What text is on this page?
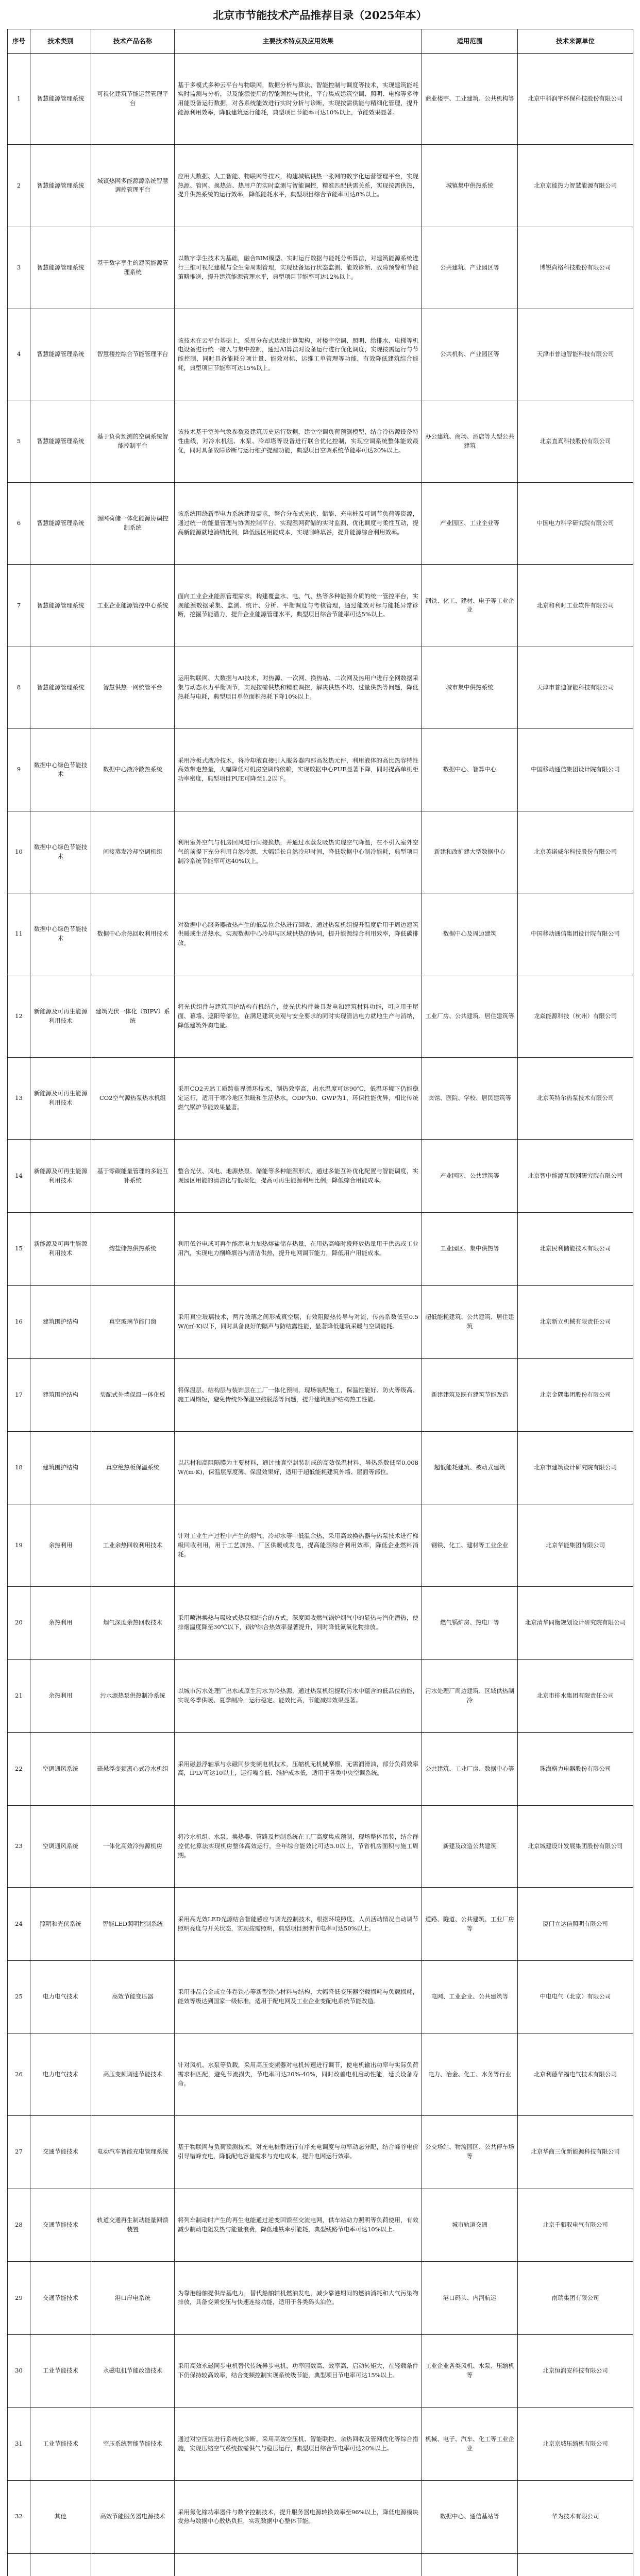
北京市节能技术产品推荐目录（2025年本）
序号	技术类别	技术产品名称	主要技术特点及应用效果	适用范围	技术来源单位
1	智慧能源管理系统	可视化建筑节能运营管理平台	基于多模式多种云平台与物联网，数据分析与算法、智能控制与调度等技术，实现建筑能耗实时监测与分析，以及能源使用的智能调控与优化，平台集成建筑空调、照明、电梯等多种用能设备运行数据，对各系统能效进行实时分析与诊断，实现按需供能与精细化管理，提升能源利用效率，降低建筑运行能耗，典型项目节能率可达10%以上，节能效果显著。	商业楼宇、工业建筑、公共机构等	北京中科润宇环保科技股份有限公司
2	智慧能源管理系统	城镇热网多能源源系统智慧调控管理平台	应用大数据、人工智能、物联网等技术，构建城镇供热一张网的数字化运营管理平台，实现热源、管网、换热站、热用户的实时监测与智能调控，精准匹配供需关系，实现按需供热，提升供热系统的运行效率，降低能耗水平，典型项目综合节能率可达8%以上。	城镇集中供热系统	北京京能热力智慧能源有限公司
3	智慧能源管理系统	基于数字孪生的建筑能源管理系统	以数字孪生技术为基础，融合BIM模型、实时运行数据与能耗分析算法，对建筑能源系统进行三维可视化建模与全生命周期管理，实现设备运行状态监测、能效诊断、故障预警和节能策略推送，提升建筑能源管理水平，典型项目节能率可达12%以上。	公共建筑、产业园区等	博锐尚格科技股份有限公司
4	智慧能源管理系统	智慧楼控综合节能管理平台	该技术在云平台基础上，采用分布式边缘计算架构，对楼宇空调、照明、给排水、电梯等机电设备进行统一接入与集中控制，通过AI算法对设备运行进行优化调度，实现按需运行与节能控制，同时具备能耗分项计量、能效对标、运维工单管理等功能，有效降低建筑综合能耗，典型项目节能率可达15%以上。	公共机构、产业园区等	天津市普迪智能科技有限公司
5	智慧能源管理系统	基于负荷预测的空调系统智能控制平台	该技术基于室外气象参数及建筑历史运行数据，建立空调负荷预测模型，结合冷热源设备特性曲线，对冷水机组、水泵、冷却塔等设备进行联合优化控制，实现空调系统整体能效最优，同时具备故障诊断与运行维护提醒功能，典型项目空调系统节能率可达20%以上。	办公建筑、商场、酒店等大型公共建筑	北京直真科技股份有限公司
6	智慧能源管理系统	源网荷储一体化能源协调控制系统	该系统围绕新型电力系统建设需求，整合分布式光伏、储能、充电桩及可调节负荷等资源，通过统一的能量管理与协调控制平台，实现源网荷储的实时监测、优化调度与柔性互动，提高新能源就地消纳比例，降低园区用能成本，实现削峰填谷，提升能源综合利用效率。	产业园区、工业企业等	中国电力科学研究院有限公司
7	智慧能源管理系统	工业企业能源管控中心系统	面向工业企业能源管理需求，构建覆盖水、电、气、热等多种能源介质的统一管控平台，实现能源数据采集、监测、统计、分析、平衡调度与考核管理，通过能效对标与能耗异常诊断，挖掘节能潜力，提升企业能源管理水平，典型项目综合节能率可达5%以上。	钢铁、化工、建材、电子等工业企业	北京和利时工业软件有限公司
8	智慧能源管理系统	智慧供热一网统管平台	运用物联网、大数据与AI技术，对热源、一次网、换热站、二次网及热用户进行全网数据采集与动态水力平衡调节，实现按需供热和精准调控，解决供热不均、过量供热等问题，降低热耗与电耗，典型项目单位面积热耗下降10%以上。	城市集中供热系统	天津市普迪智能科技有限公司
9	数据中心绿色节能技术	数据中心液冷散热系统	采用冷板式液冷技术，将冷却液直接引入服务器内部高发热元件，利用液体的高比热容特性高效带走热量，大幅降低对机房空调的依赖，实现数据中心PUE显著下降，同时提高单机柜功率密度，典型项目PUE可降至1.2以下。	数据中心、智算中心	中国移动通信集团设计院有限公司
10	数据中心绿色节能技术	间接蒸发冷却空调机组	利用室外空气与机房回风进行间接换热，并通过水蒸发吸热实现空气降温，在不引入室外空气的前提下充分利用自然冷源，大幅延长自然冷却时间，降低数据中心制冷能耗，典型项目制冷系统节能率可达40%以上。	新建和改扩建大型数据中心	北京英诺威尔科技股份有限公司
11	数据中心绿色节能技术	数据中心余热回收利用技术	对数据中心服务器散热产生的低品位余热进行回收，通过热泵机组提升温度后用于周边建筑供暖或生活热水，实现数据中心冷却与区域供热的协同，提升能源综合利用效率，降低碳排放。	数据中心及周边建筑	中国移动通信集团设计院有限公司
12	新能源及可再生能源利用技术	建筑光伏一体化（BIPV）系统	将光伏组件与建筑围护结构有机结合，使光伏构件兼具发电和建筑材料功能，可应用于屋面、幕墙、遮阳等部位，在满足建筑美观与安全要求的同时实现清洁电力就地生产与消纳，降低建筑外购电量。	工业厂房、公共建筑、居住建筑等	龙焱能源科技（杭州）有限公司
13	新能源及可再生能源利用技术	CO2空气源热泵热水机组	采用CO2天然工质跨临界循环技术，制热效率高，出水温度可达90℃，低温环境下仍能稳定运行，适用于寒冷地区供暖和生活热水，ODP为0、GWP为1，环保性能优异，相比传统燃气锅炉节能效果显著。	宾馆、医院、学校、居民建筑等	北京英特尔热泵技术有限公司
14	新能源及可再生能源利用技术	基于零碳能量管理的多能互补系统	整合光伏、风电、地源热泵、储能等多种能源形式，通过多能互补优化配置与智能调度，实现园区用能的清洁化与低碳化，提高可再生能源利用比例，降低综合用能成本。	产业园区、公共建筑等	北京智中能源互联网研究院有限公司
15	新能源及可再生能源利用技术	熔盐储热供热系统	利用低谷电或可再生能源电力加热熔盐储存热量，在用热高峰时段释放热量用于供热或工业用汽，实现电力削峰填谷与清洁供热，提升电网调节能力，降低用户用能成本。	工业园区、集中供热等	北京民利储能技术有限公司
16	建筑围护结构	真空玻璃节能门窗	采用真空玻璃技术，两片玻璃之间形成真空层，有效阻隔热传导与对流，传热系数低至0.5W/(㎡·K)以下，同时具备良好的隔声与防结露性能，显著降低建筑采暖与空调能耗。	超低能耗建筑、公共建筑、居住建筑	北京新立机械有限责任公司
17	建筑围护结构	装配式外墙保温一体化板	将保温层、结构层与装饰层在工厂一体化预制，现场装配施工，保温性能好、防火等级高、施工周期短，避免传统外保温空鼓脱落等问题，提升建筑围护结构热工性能。	新建建筑及既有建筑节能改造	北京金隅集团股份有限公司
18	建筑围护结构	真空绝热板保温系统	以芯材和高阻隔膜为主要材料，通过抽真空封装制成的高效保温材料，导热系数低至0.008W/(m·K)，保温层厚度薄、保温效果好，适用于超低能耗建筑外墙、屋面等部位。	超低能耗建筑、被动式建筑	北京市建筑设计研究院有限公司
19	余热利用	工业余热回收利用技术	针对工业生产过程中产生的烟气、冷却水等中低温余热，采用高效换热器与热泵技术进行梯级回收利用，用于工艺加热、厂区供暖或发电，提高能源综合利用效率，降低企业燃料消耗。	钢铁、化工、建材等工业企业	北京华能集团有限公司
20	余热利用	烟气深度余热回收技术	采用喷淋换热与吸收式热泵相结合的方式，深度回收燃气锅炉烟气中的显热与汽化潜热，使排烟温度降至30℃以下，锅炉综合热效率显著提升，同时降低氮氧化物排放。	燃气锅炉房、热电厂等	北京清华同衡规划设计研究院有限公司
21	余热利用	污水源热泵供热制冷系统	以城市污水处理厂出水或原生污水为冷热源，通过热泵机组提取污水中蕴含的低品位热能，实现冬季供暖、夏季制冷，运行稳定、能效比高，节能减排效果显著。	污水处理厂周边建筑、区域供热制冷	北京市排水集团有限责任公司
22	空调通风系统	磁悬浮变频离心式冷水机组	采用磁悬浮轴承与永磁同步变频电机技术，压缩机无机械摩擦、无需润滑油，部分负荷效率高，IPLV可达10以上，运行噪音低、维护成本低，适用于各类中央空调系统。	公共建筑、工业厂房、数据中心等	珠海格力电器股份有限公司
23	空调通风系统	一体化高效冷热源机房	将冷水机组、水泵、换热器、管路及控制系统在工厂高度集成预制，现场整体吊装，结合群控优化算法实现机房整体高效运行，全年综合能效比可达5.0以上，节省机房面积与施工周期。	新建及改造公共建筑	北京城建设计发展集团股份有限公司
24	照明和光伏系统	智能LED照明控制系统	采用高光效LED光源结合智能感应与调光控制技术，根据环境照度、人员活动情况自动调节照明亮度与开关状态，实现按需照明，典型项目照明节电率可达50%以上。	道路、隧道、公共建筑、工业厂房等	厦门立达信照明有限公司
25	电力电气技术	高效节能变压器	采用非晶合金或立体卷铁心等新型铁心材料与结构，大幅降低变压器空载损耗与负载损耗，能效等级达到国家一级标准，适用于配电网及工业企业变配电系统节能改造。	电网、工业企业、公共建筑等	中电电气（北京）有限公司
26	电力电气技术	高压变频调速节能技术	针对风机、水泵等负载，采用高压变频器对电机转速进行调节，使电机输出功率与实际负荷需求相匹配，避免节流损失，节电率可达20%-40%，同时改善电机启动性能，延长设备寿命。	电力、冶金、化工、水务等行业	北京利德华福电气技术有限公司
27	交通节能技术	电动汽车智能充电管理系统	基于物联网与负荷预测技术，对充电桩群进行有序充电调度与功率动态分配，结合峰谷电价引导错峰充电，降低配电容量需求与充电成本，提升电网运行效率。	公交场站、物流园区、公共停车场等	北京华商三优新能源科技有限公司
28	交通节能技术	轨道交通再生制动能量回馈装置	将列车制动时产生的再生电能通过逆变回馈至交流电网，供车站动力照明等负荷使用，有效减少制动电阻发热与能量浪费，降低地铁牵引能耗，典型线路节电率可达10%以上。	城市轨道交通	北京千驷驭电气有限公司
29	交通节能技术	港口岸电系统	为靠港船舶提供岸基电力，替代船舶辅机燃油发电，减少靠港期间的燃油消耗和大气污染物排放，具备变频变压与快速连接功能，适用于各类码头泊位。	港口码头、内河航运	南瑞集团有限公司
30	工业节能技术	永磁电机节能改造技术	采用高效永磁同步电机替代传统异步电机，功率因数高、效率高、启动转矩大，在轻载条件下仍保持较高效率，结合变频控制实现系统级节能，典型项目节电率可达15%以上。	工业企业各类风机、水泵、压缩机等	北京恒润安科技有限公司
31	工业节能技术	空压系统智能节能技术	通过对空压站进行系统化诊断，采用高效空压机、智能联控、余热回收及管网优化等综合措施，实现压缩空气系统按需供气与稳压运行，典型项目综合节电率可达20%以上。	机械、电子、汽车、化工等工业企业	北京京城压缩机有限公司
32	其他	高效节能服务器电源技术	采用氮化镓功率器件与数字控制技术，提升服务器电源转换效率至96%以上，降低电源模块发热与数据中心散热负担，实现数据中心整体节能。	数据中心、通信基站等	华为技术有限公司
